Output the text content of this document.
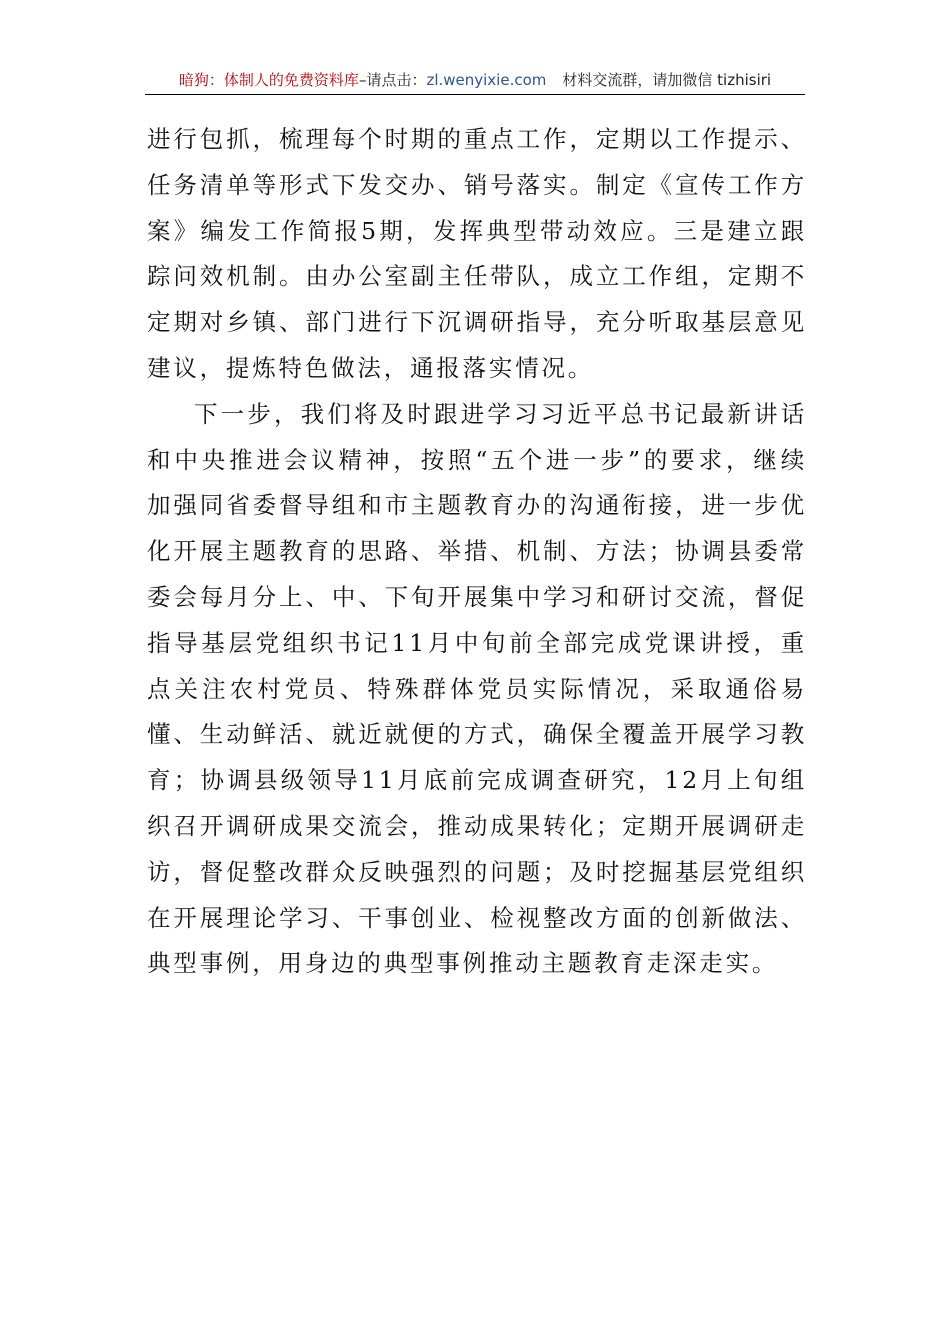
暗狗：体制人的免费资料库–请点击：zl.wenyixie.com 材料交流群，请加微信 tizhisiri

进行包抓，梳理每个时期的重点工作，定期以工作提示、任务清单等形式下发交办、销号落实。制定《宣传工作方案》编发工作简报5期，发挥典型带动效应。三是建立跟踪问效机制。由办公室副主任带队，成立工作组，定期不定期对乡镇、部门进行下沉调研指导，充分听取基层意见建议，提炼特色做法，通报落实情况。

下一步，我们将及时跟进学习习近平总书记最新讲话和中央推进会议精神，按照“五个进一步”的要求，继续加强同省委督导组和市主题教育办的沟通衔接，进一步优化开展主题教育的思路、举措、机制、方法；协调县委常委会每月分上、中、下旬开展集中学习和研讨交流，督促指导基层党组织书记11月中旬前全部完成党课讲授，重点关注农村党员、特殊群体党员实际情况，采取通俗易懂、生动鲜活、就近就便的方式，确保全覆盖开展学习教育；协调县级领导11月底前完成调查研究，12月上旬组织召开调研成果交流会，推动成果转化；定期开展调研走访，督促整改群众反映强烈的问题；及时挖掘基层党组织在开展理论学习、干事创业、检视整改方面的创新做法、典型事例，用身边的典型事例推动主题教育走深走实。
